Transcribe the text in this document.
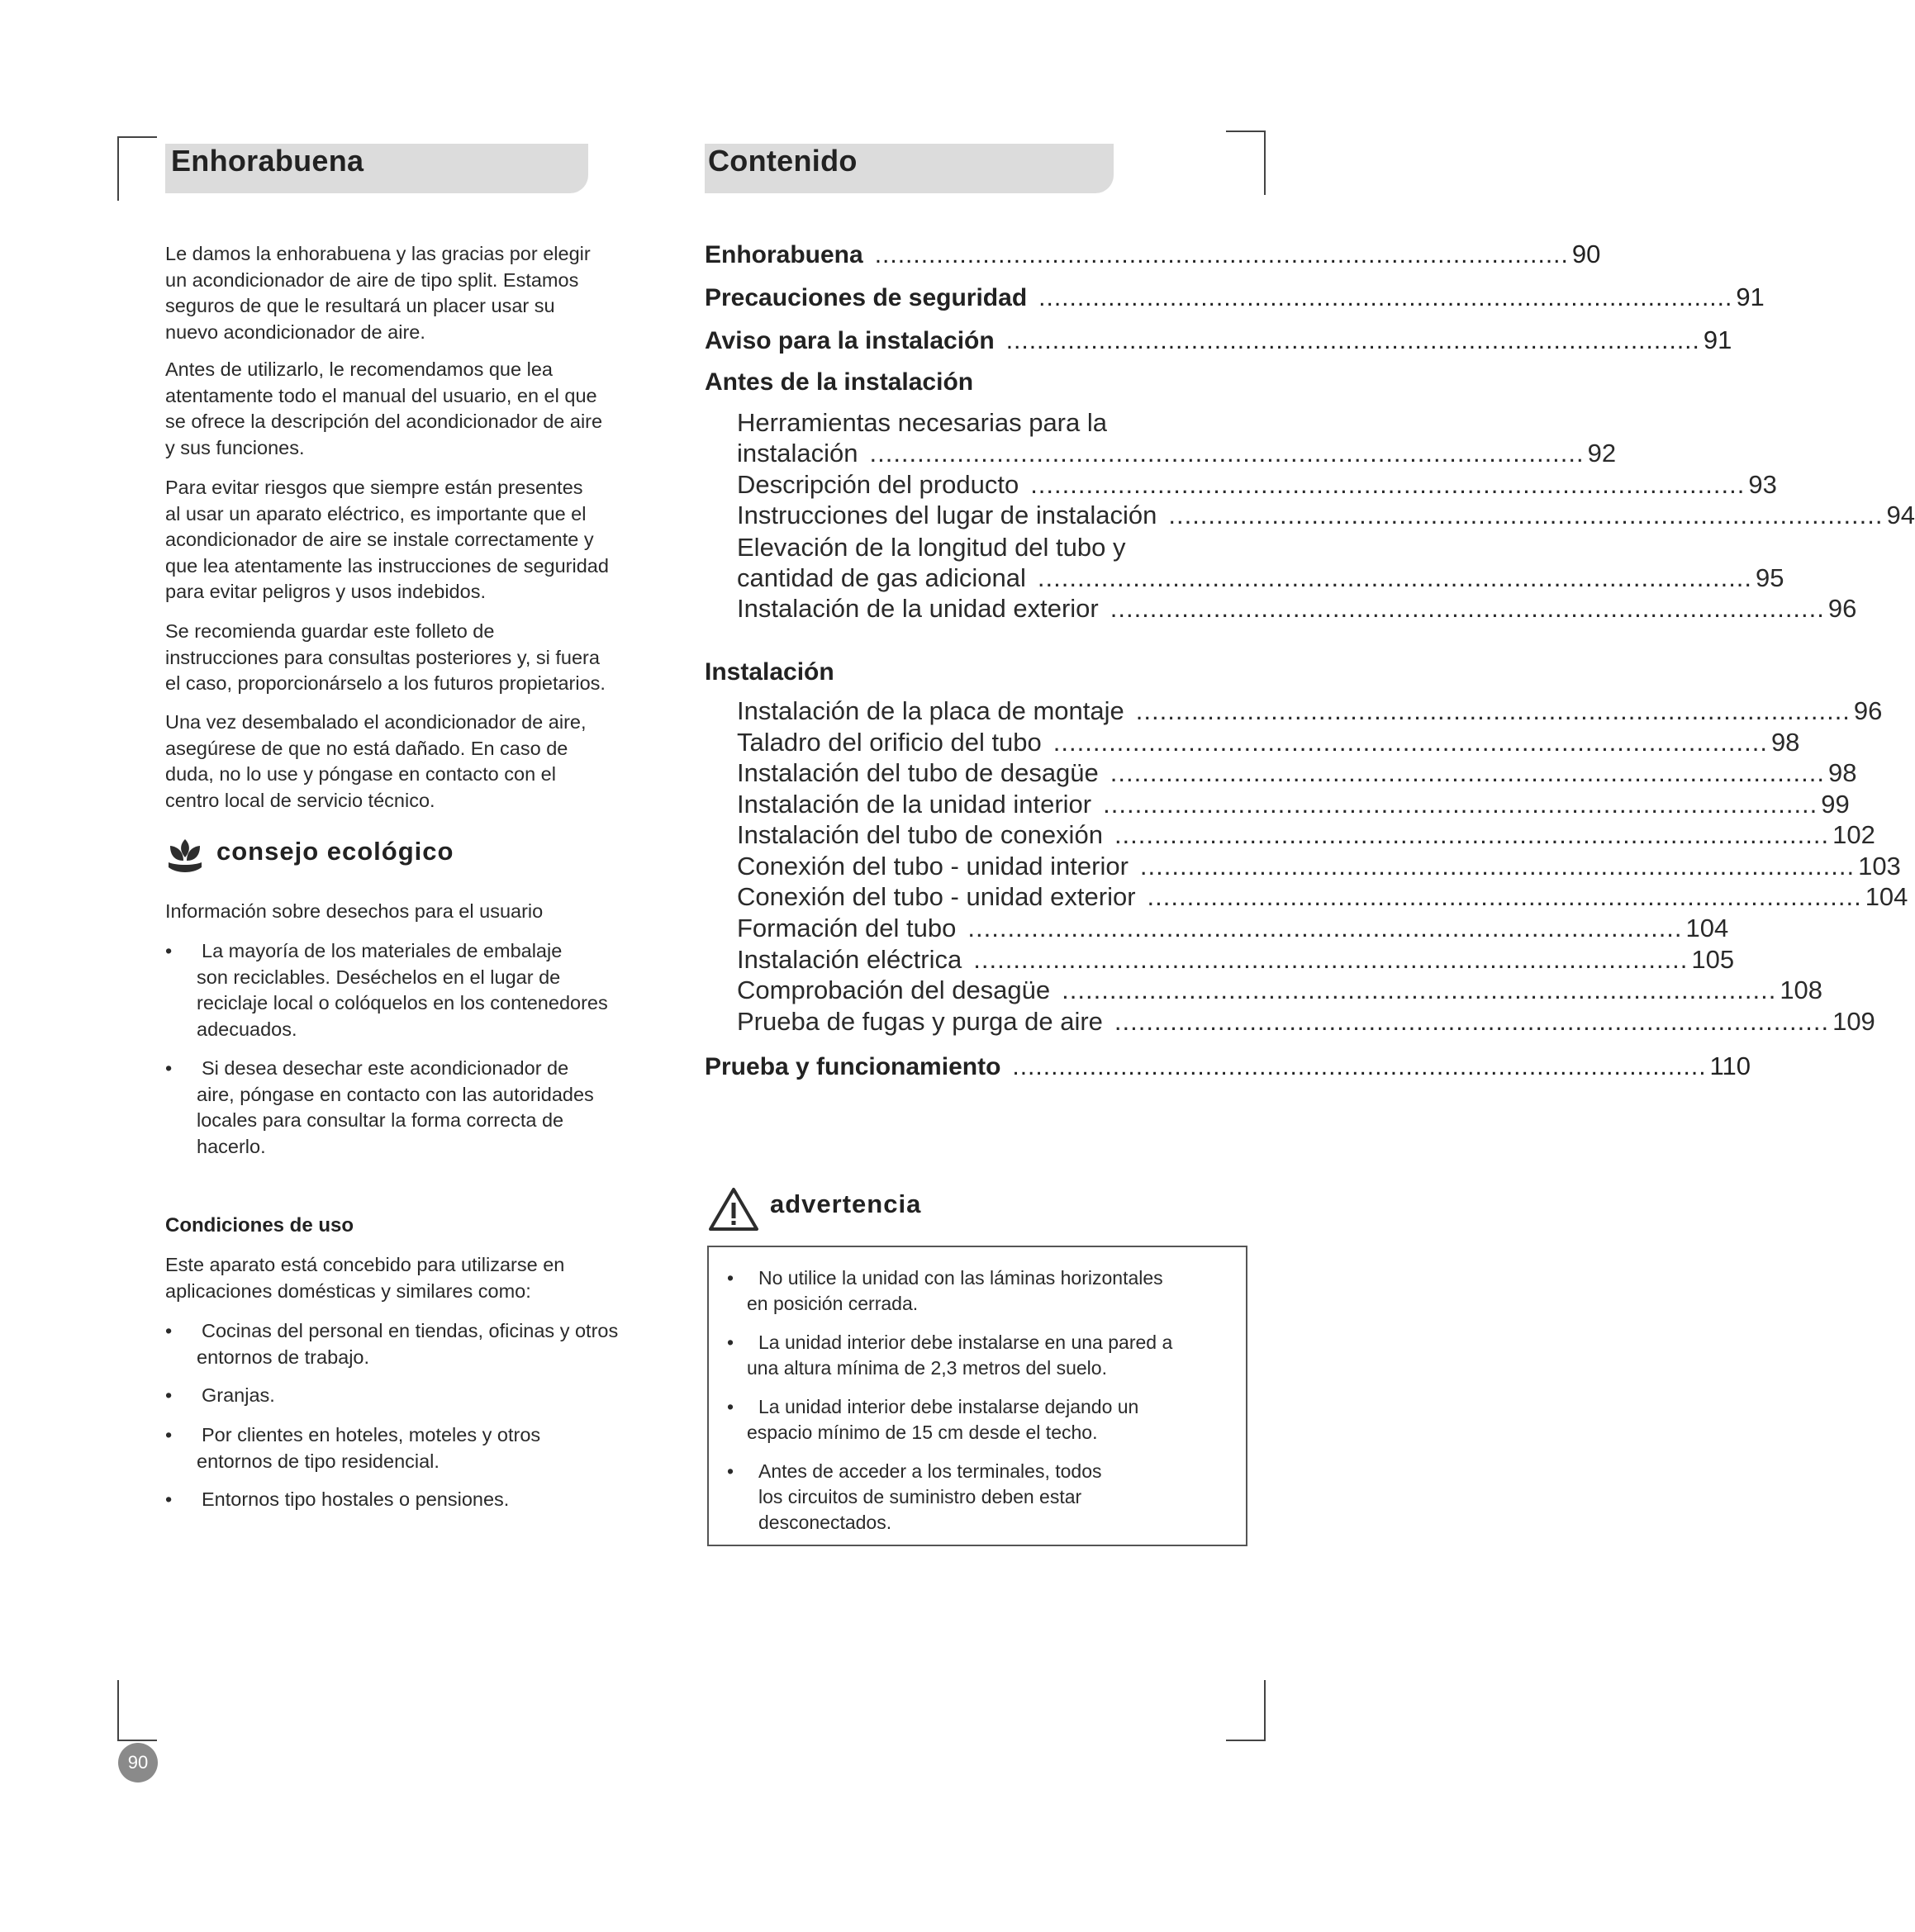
Enhorabuena

Le damos la enhorabuena y las gracias por elegir
un acondicionador de aire de tipo split. Estamos
seguros de que le resultará un placer usar su
nuevo acondicionador de aire.

Antes de utilizarlo, le recomendamos que lea
atentamente todo el manual del usuario, en el que
se ofrece la descripción del acondicionador de aire
y sus funciones.

Para evitar riesgos que siempre están presentes
al usar un aparato eléctrico, es importante que el
acondicionador de aire se instale correctamente y
que lea atentamente las instrucciones de seguridad
para evitar peligros y usos indebidos.

Se recomienda guardar este folleto de
instrucciones para consultas posteriores y, si fuera
el caso, proporcionárselo a los futuros propietarios.

Una vez desembalado el acondicionador de aire,
asegúrese de que no está dañado. En caso de
duda, no lo use y póngase en contacto con el
centro local de servicio técnico.

consejo ecológico
Información sobre desechos para el usuario
•	La mayoría de los materiales de embalaje
son reciclables. Deséchelos en el lugar de
reciclaje local o colóquelos en los contenedores
adecuados.
•	Si desea desechar este acondicionador de
aire, póngase en contacto con las autoridades
locales para consultar la forma correcta de
hacerlo.
Condiciones de uso

Este aparato está concebido para utilizarse en
aplicaciones domésticas y similares como:

•	Cocinas del personal en tiendas, oficinas y otros
entornos de trabajo.
•	Granjas.
•	Por clientes en hoteles, moteles y otros
entornos de tipo residencial.
•	Entornos tipo hostales o pensiones.
Contenido
Enhorabuena .......................................................................................... 90
Precauciones de seguridad .......................................................................................... 91
Aviso para la instalación .......................................................................................... 91
Antes de la instalación
Herramientas necesarias para la
instalación .......................................................................................... 92
Descripción del producto .......................................................................................... 93
Instrucciones del lugar de instalación .......................................................................................... 94
Elevación de la longitud del tubo y
cantidad de gas adicional .......................................................................................... 95
Instalación de la unidad exterior .......................................................................................... 96
Instalación
Instalación de la placa de montaje .......................................................................................... 96
Taladro del orificio del tubo .......................................................................................... 98
Instalación del tubo de desagüe .......................................................................................... 98
Instalación de la unidad interior .......................................................................................... 99
Instalación del tubo de conexión .......................................................................................... 102
Conexión del tubo - unidad interior .......................................................................................... 103
Conexión del tubo - unidad exterior .......................................................................................... 104
Formación del tubo .......................................................................................... 104
Instalación eléctrica .......................................................................................... 105
Comprobación del desagüe .......................................................................................... 108
Prueba de fugas y purga de aire .......................................................................................... 109
Prueba y funcionamiento .......................................................................................... 110
advertencia
•	No utilice la unidad con las láminas horizontales
en posición cerrada.
•	La unidad interior debe instalarse en una pared a
una altura mínima de 2,3 metros del suelo.
•	La unidad interior debe instalarse dejando un
espacio mínimo de 15 cm desde el techo.
•	Antes de acceder a los terminales, todos
los circuitos de suministro deben estar
desconectados.
90
